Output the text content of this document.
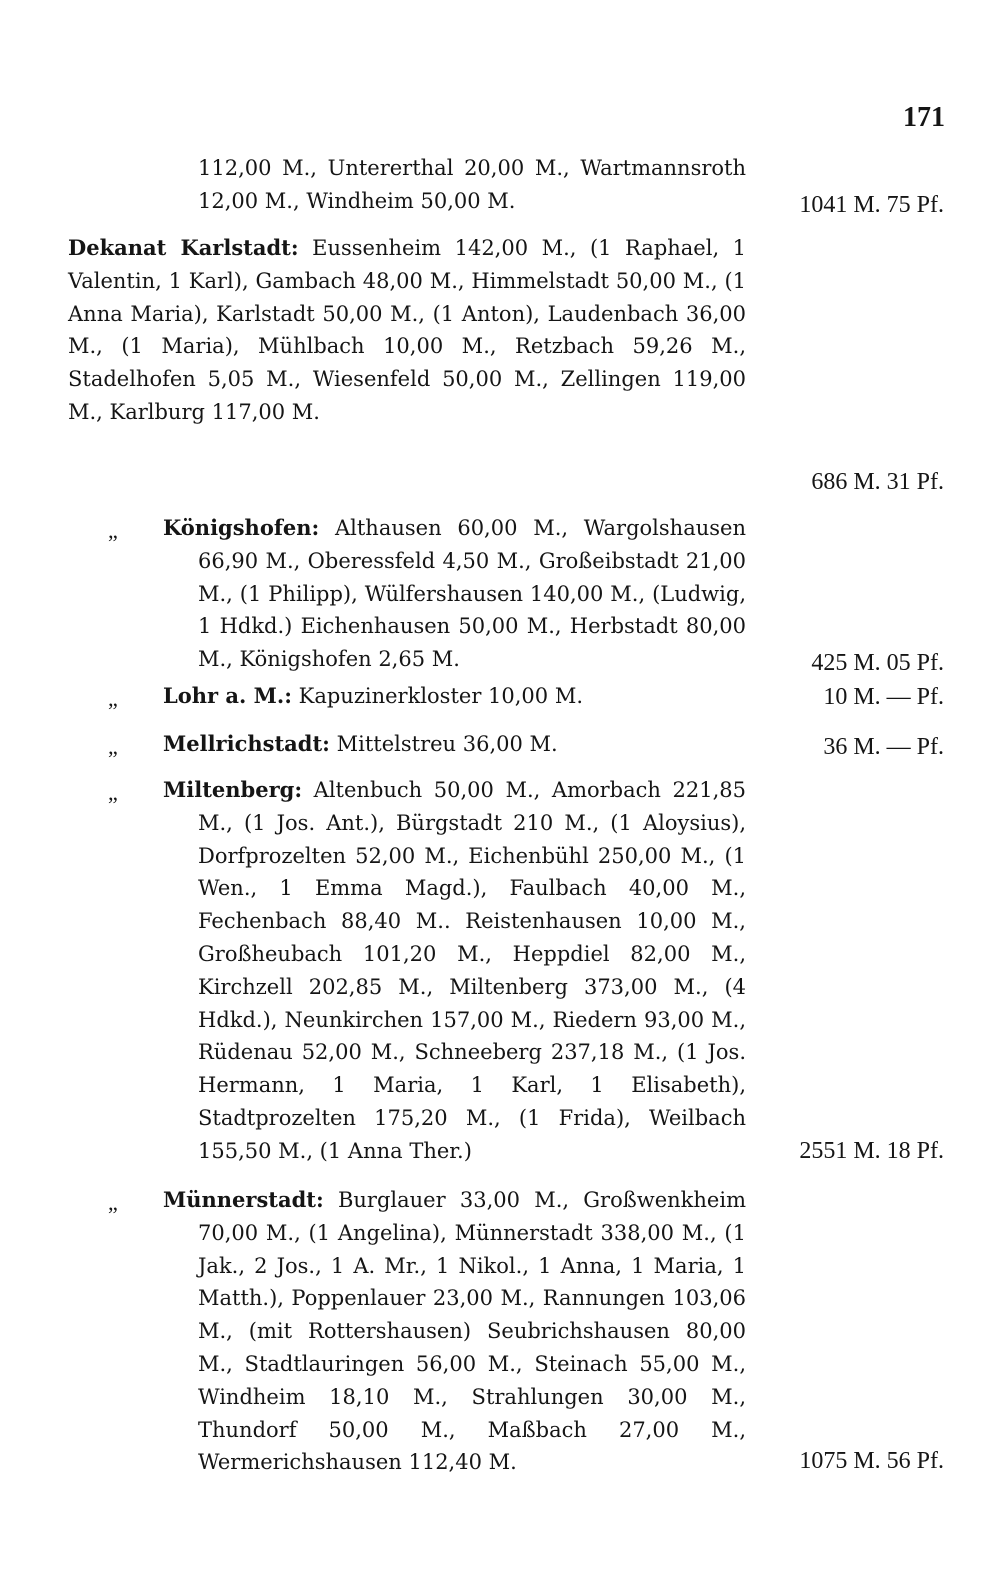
171
112,00 M., Untererthal 20,00 M., Wartmannsroth 12,00 M., Windheim 50,00 M.	1041 M. 75 Pf.
Dekanat Karlstadt: Eussenheim 142,00 M., (1 Raphael, 1 Valentin, 1 Karl), Gambach 48,00 M., Himmelstadt 50,00 M., (1 Anna Maria), Karlstadt 50,00 M., (1 Anton), Laudenbach 36,00 M., (1 Maria), Mühlbach 10,00 M., Retzbach 59,26 M., Stadelhofen 5,05 M., Wiesenfeld 50,00 M., Zellingen 119,00 M., Karlburg 117,00 M.
686 M. 31 Pf.
„ Königshofen: Althausen 60,00 M., Wargolshausen 66,90 M., Oberessfeld 4,50 M., Großeibstadt 21,00 M., (1 Philipp), Wülfershausen 140,00 M., (Ludwig, 1 Hdkd.) Eichenhausen 50,00 M., Herbstadt 80,00 M., Königshofen 2,65 M.	425 M. 05 Pf.
„ Lohr a. M.: Kapuzinerkloster 10,00 M.	10 M. — Pf.
„ Mellrichstadt: Mittelstreu 36,00 M.	36 M. — Pf.
„ Miltenberg: Altenbuch 50,00 M., Amorbach 221,85 M., (1 Jos. Ant.), Bürgstadt 210 M., (1 Aloysius), Dorfprozelten 52,00 M., Eichenbühl 250,00 M., (1 Wen., 1 Emma Magd.), Faulbach 40,00 M., Fechenbach 88,40 M.. Reistenhausen 10,00 M., Großheubach 101,20 M., Heppdiel 82,00 M., Kirchzell 202,85 M., Miltenberg 373,00 M., (4 Hdkd.), Neunkirchen 157,00 M., Riedern 93,00 M., Rüdenau 52,00 M., Schneeberg 237,18 M., (1 Jos. Hermann, 1 Maria, 1 Karl, 1 Elisabeth), Stadtprozelten 175,20 M., (1 Frida), Weilbach 155,50 M., (1 Anna Ther.)	2551 M. 18 Pf.
„ Münnerstadt: Burglauer 33,00 M., Großwenkheim 70,00 M., (1 Angelina), Münnerstadt 338,00 M., (1 Jak., 2 Jos., 1 A. Mr., 1 Nikol., 1 Anna, 1 Maria, 1 Matth.), Poppenlauer 23,00 M., Rannungen 103,06 M., (mit Rottershausen) Seubrichshausen 80,00 M., Stadtlauringen 56,00 M., Steinach 55,00 M., Windheim 18,10 M., Strahlungen 30,00 M., Thundorf 50,00 M., Maßbach 27,00 M., Wermerichshausen 112,40 M.	1075 M. 56 Pf.
